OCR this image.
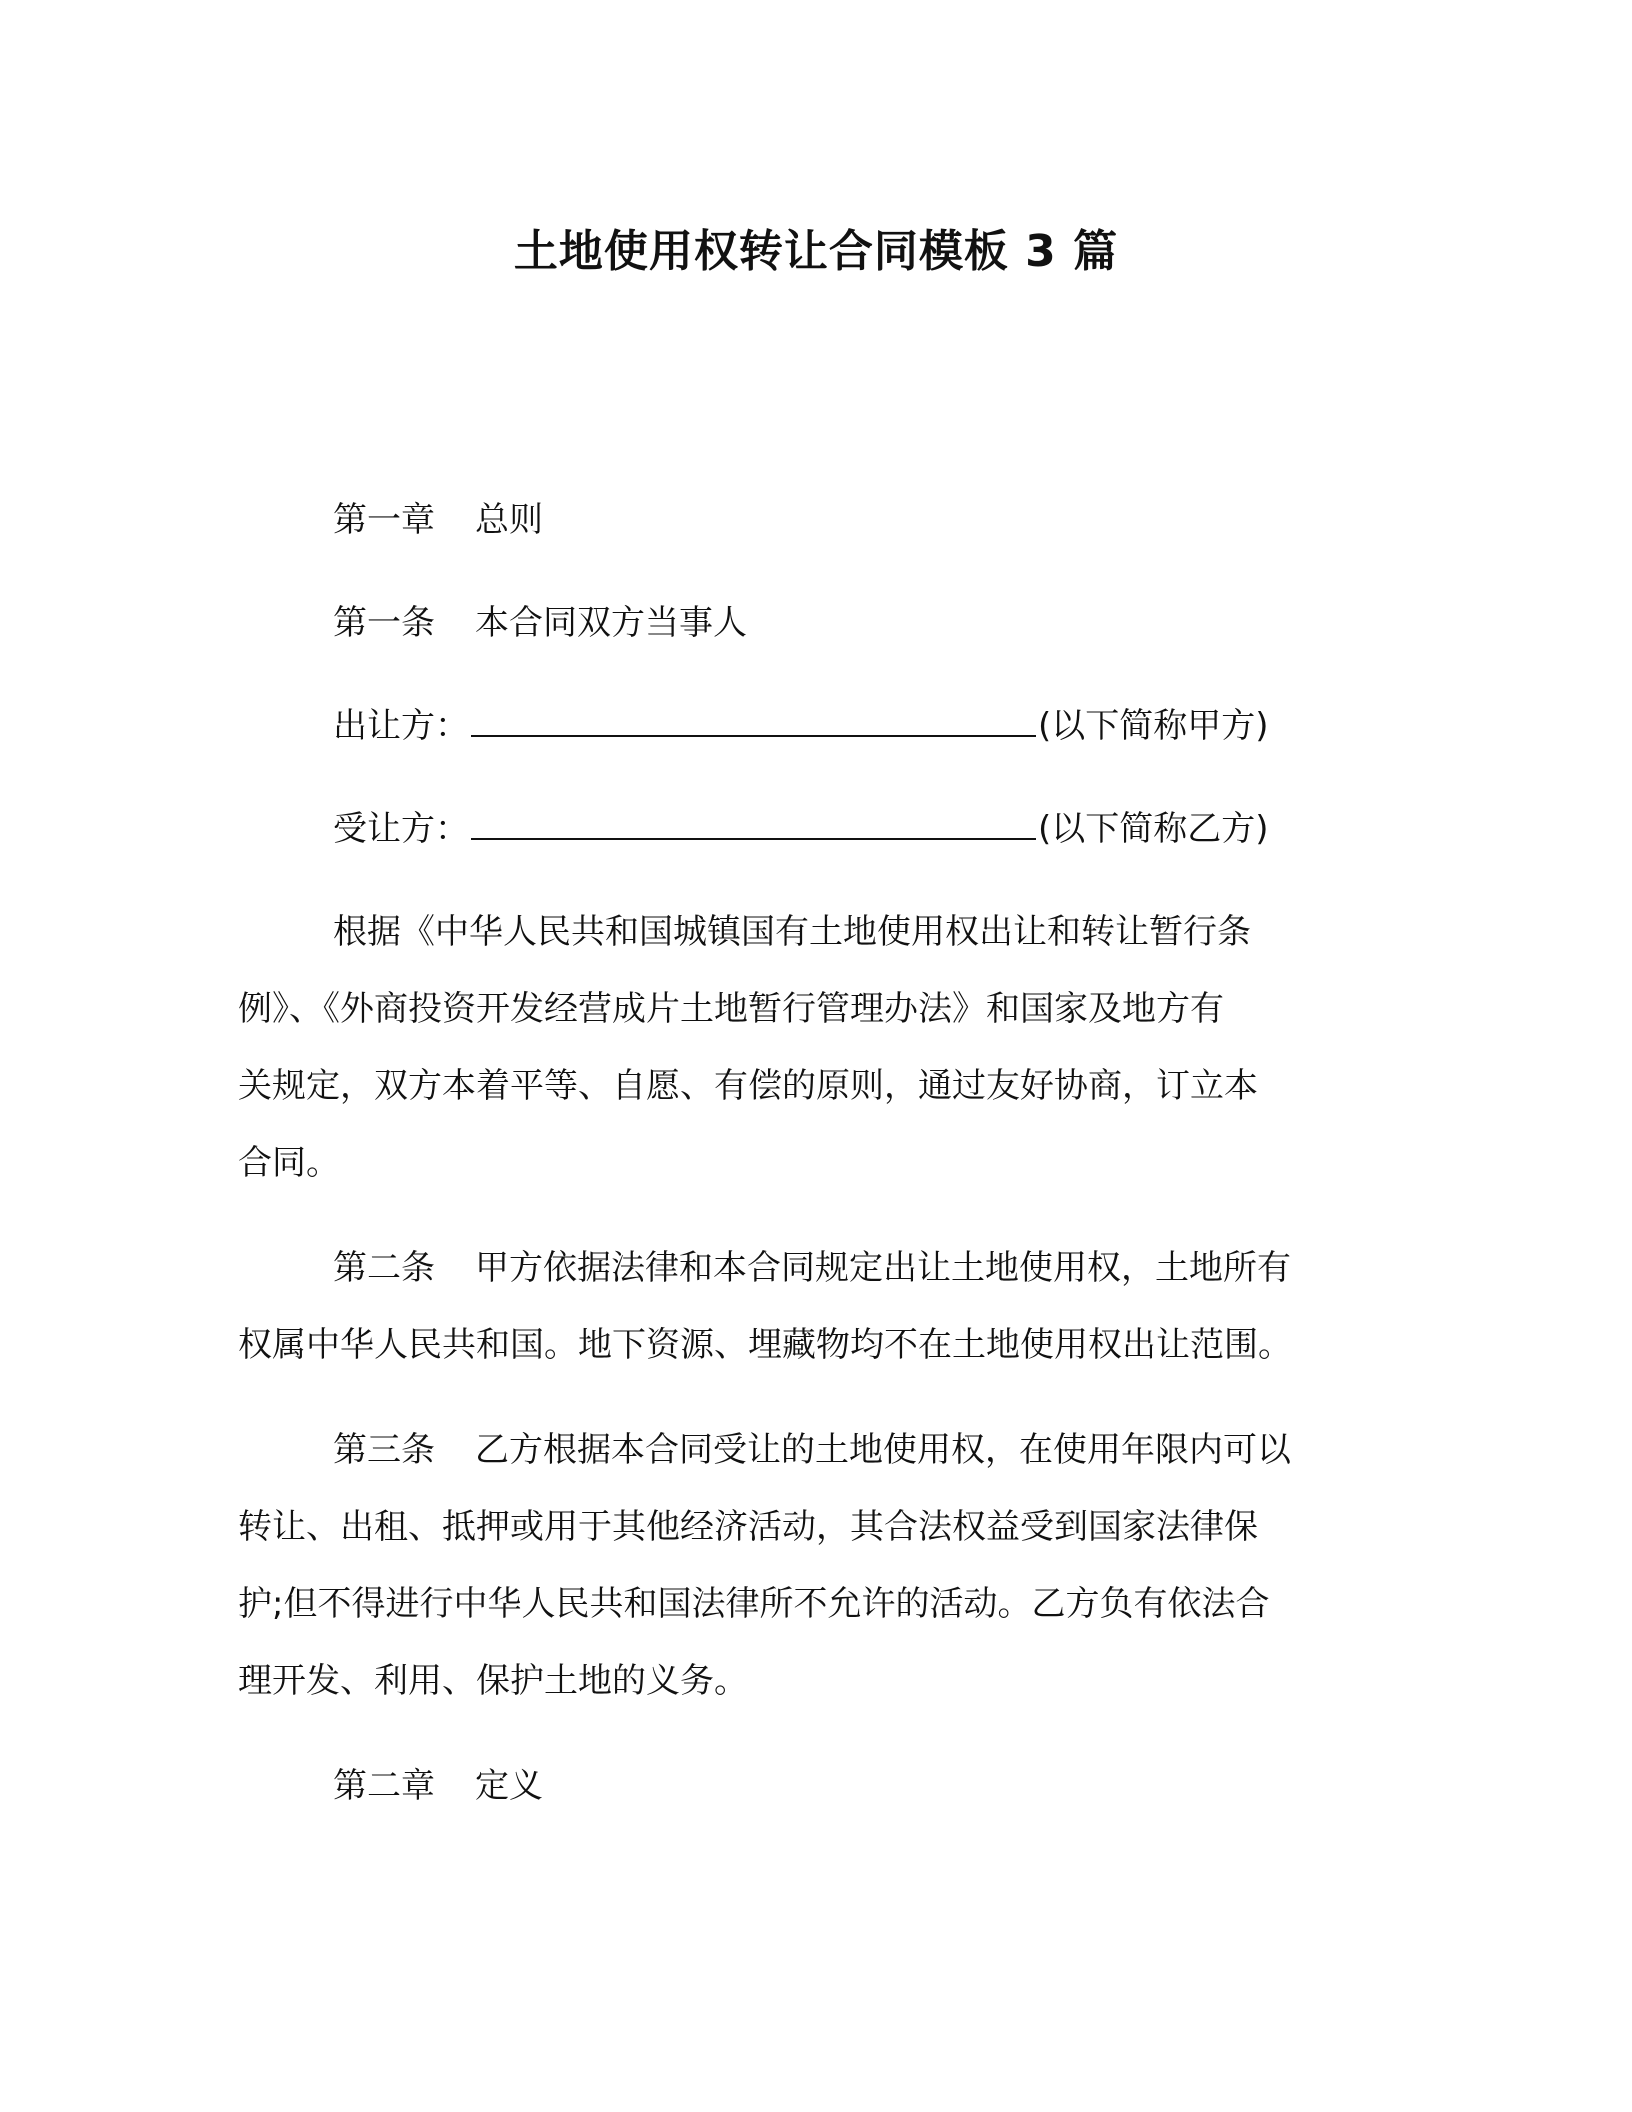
土地使用权转让合同模板 3 篇
第一章 总则
第一条 本合同双方当事人
出让方：	(以下简称甲方)
受让方：	(以下简称乙方)
根据《中华人民共和国城镇国有土地使用权出让和转让暂行条
例》、《外商投资开发经营成片土地暂行管理办法》和国家及地方有
关规定，双方本着平等、自愿、有偿的原则，通过友好协商，订立本
合同。
第二条 甲方依据法律和本合同规定出让土地使用权，土地所有
权属中华人民共和国。地下资源、埋藏物均不在土地使用权出让范围。
第三条 乙方根据本合同受让的土地使用权，在使用年限内可以
转让、出租、抵押或用于其他经济活动，其合法权益受到国家法律保
护;但不得进行中华人民共和国法律所不允许的活动。乙方负有依法合
理开发、利用、保护土地的义务。
第二章 定义
